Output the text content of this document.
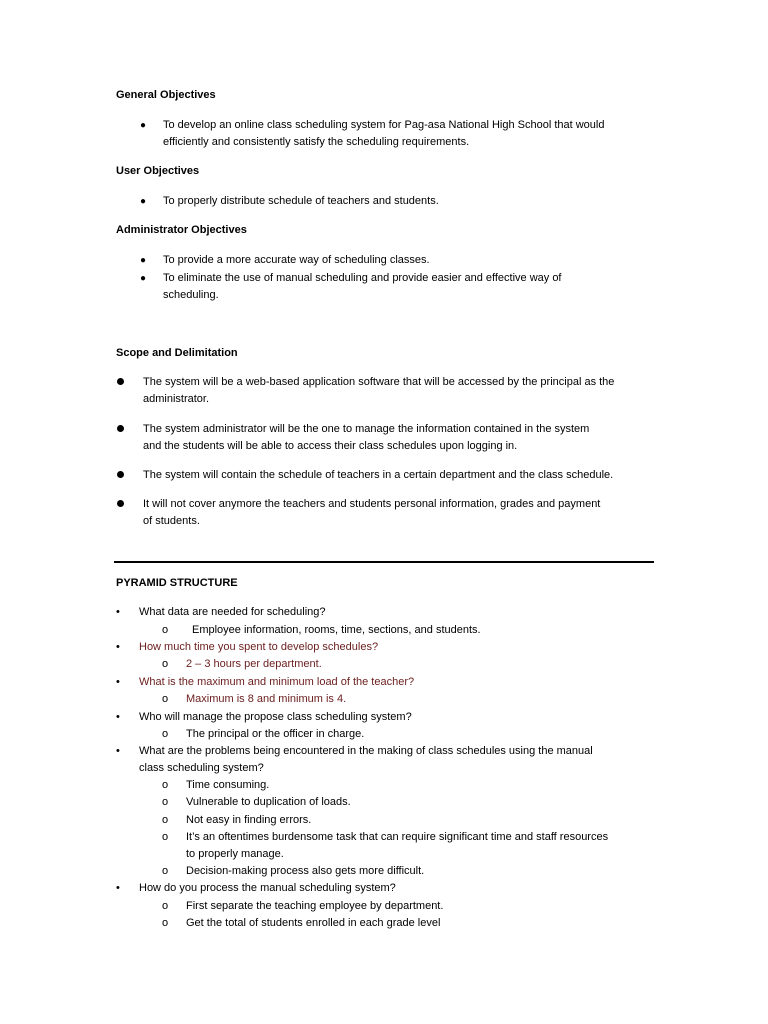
General Objectives
● To develop an online class scheduling system for Pag-asa National High School that would
efficiently and consistently satisfy the scheduling requirements.
User Objectives
● To properly distribute schedule of teachers and students.
Administrator Objectives
● To provide a more accurate way of scheduling classes.
● To eliminate the use of manual scheduling and provide easier and effective way of
scheduling.
Scope and Delimitation
The system will be a web-based application software that will be accessed by the principal as the
administrator.
The system administrator will be the one to manage the information contained in the system
and the students will be able to access their class schedules upon logging in.
The system will contain the schedule of teachers in a certain department and the class schedule.
It will not cover anymore the teachers and students personal information, grades and payment
of students.
PYRAMID STRUCTURE
• What data are needed for scheduling?
o Employee information, rooms, time, sections, and students.
• How much time you spent to develop schedules?
o 2 – 3 hours per department.
• What is the maximum and minimum load of the teacher?
o Maximum is 8 and minimum is 4.
• Who will manage the propose class scheduling system?
o The principal or the officer in charge.
• What are the problems being encountered in the making of class schedules using the manual
class scheduling system?
o Time consuming.
o Vulnerable to duplication of loads.
o Not easy in finding errors.
o It’s an oftentimes burdensome task that can require significant time and staff resources
to properly manage.
o Decision-making process also gets more difficult.
• How do you process the manual scheduling system?
o First separate the teaching employee by department.
o Get the total of students enrolled in each grade level
